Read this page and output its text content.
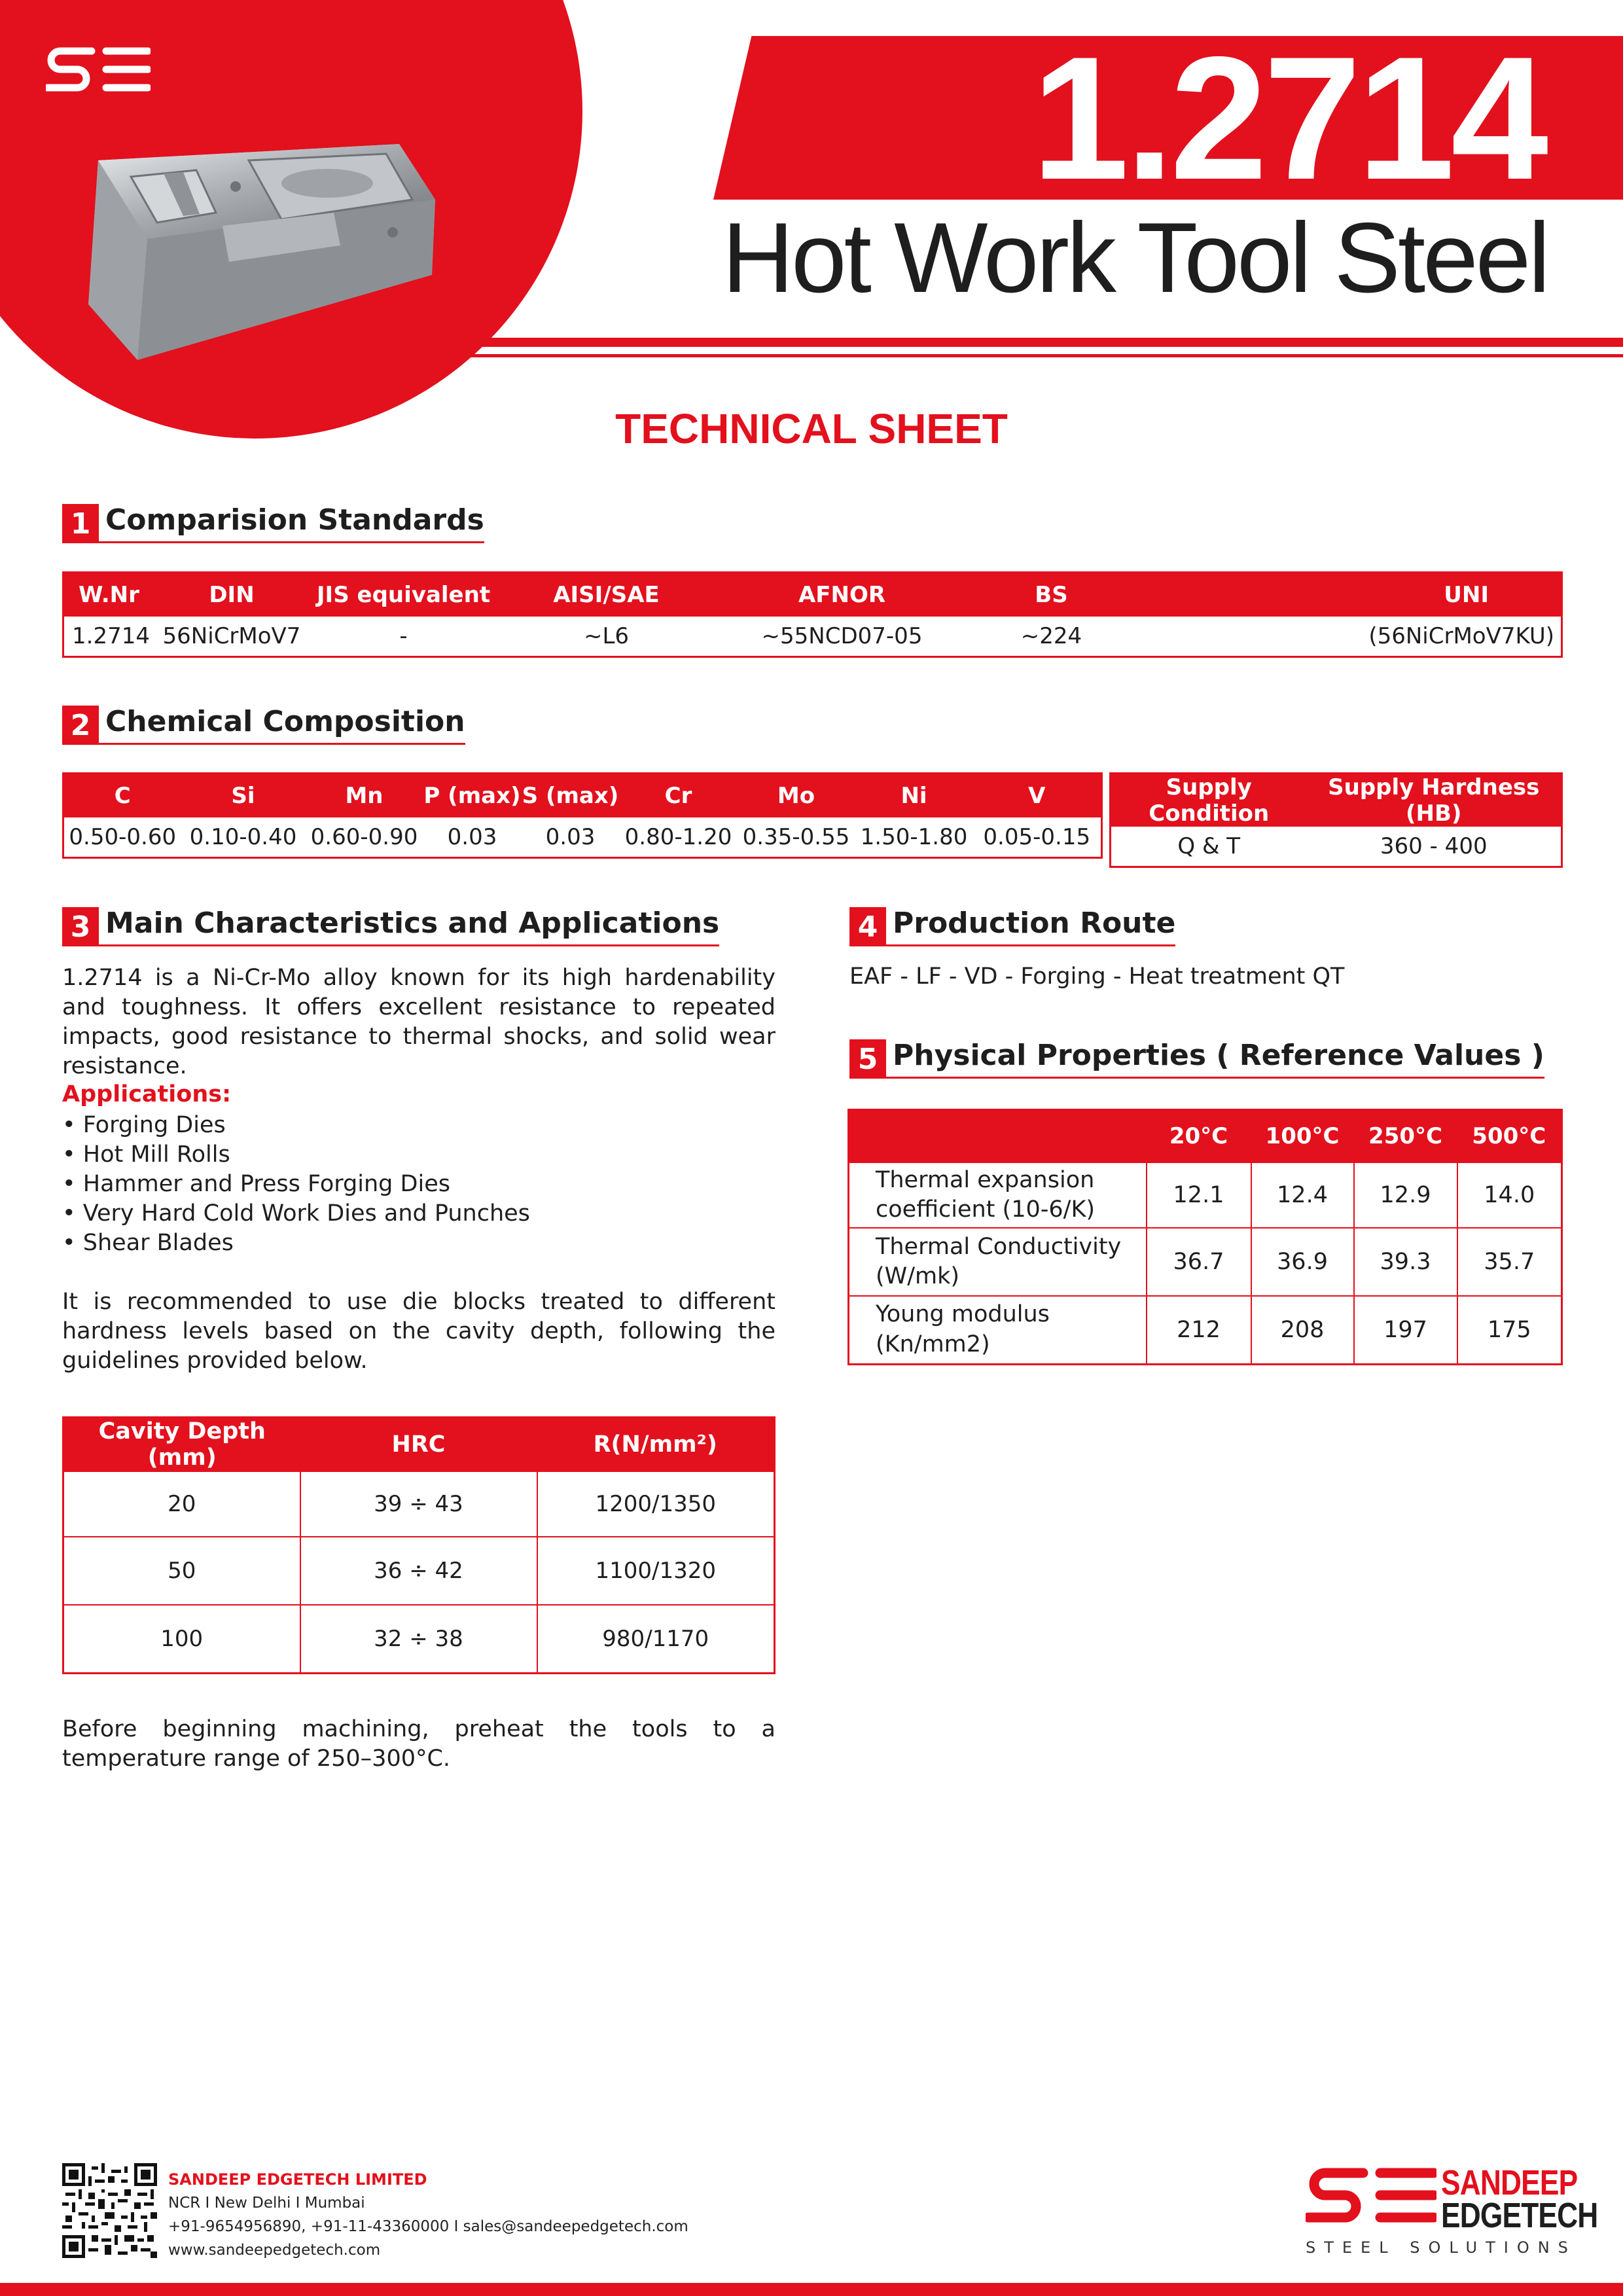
1.2714
Hot Work Tool Steel
TECHNICAL SHEET
1 Comparision Standards
W.Nr	DIN	JIS equivalent	AISI/SAE	AFNOR	BS	UNI
1.2714	56NiCrMoV7	-	~L6	~55NCD07-05	~224	(56NiCrMoV7KU)
2 Chemical Composition
C	Si	Mn	P (max)	S (max)	Cr	Mo	Ni	V
0.50-0.60	0.10-0.40	0.60-0.90	0.03	0.03	0.80-1.20	0.35-0.55	1.50-1.80	0.05-0.15
Supply Condition	Supply Hardness (HB)
Q & T	360 - 400
3 Main Characteristics and Applications
1.2714 is a Ni-Cr-Mo alloy known for its high hardenability and toughness. It offers excellent resistance to repeated impacts, good resistance to thermal shocks, and solid wear resistance.
Applications:
• Forging Dies
• Hot Mill Rolls
• Hammer and Press Forging Dies
• Very Hard Cold Work Dies and Punches
• Shear Blades
It is recommended to use die blocks treated to different hardness levels based on the cavity depth, following the guidelines provided below.
Cavity Depth (mm)	HRC	R(N/mm²)
20	39 ÷ 43	1200/1350
50	36 ÷ 42	1100/1320
100	32 ÷ 38	980/1170
Before beginning machining, preheat the tools to a temperature range of 250–300°C.
4 Production Route
EAF - LF - VD - Forging - Heat treatment QT
5 Physical Properties ( Reference Values )
	20°C	100°C	250°C	500°C
Thermal expansion
coefficient (10-6/K)	12.1	12.4	12.9	14.0
Thermal Conductivity
(W/mk)	36.7	36.9	39.3	35.7
Young modulus
(Kn/mm2)	212	208	197	175
SANDEEP EDGETECH LIMITED
NCR I New Delhi I Mumbai
+91-9654956890, +91-11-43360000 I sales@sandeepedgetech.com
www.sandeepedgetech.com
SANDEEP
EDGETECH
STEEL SOLUTIONS
